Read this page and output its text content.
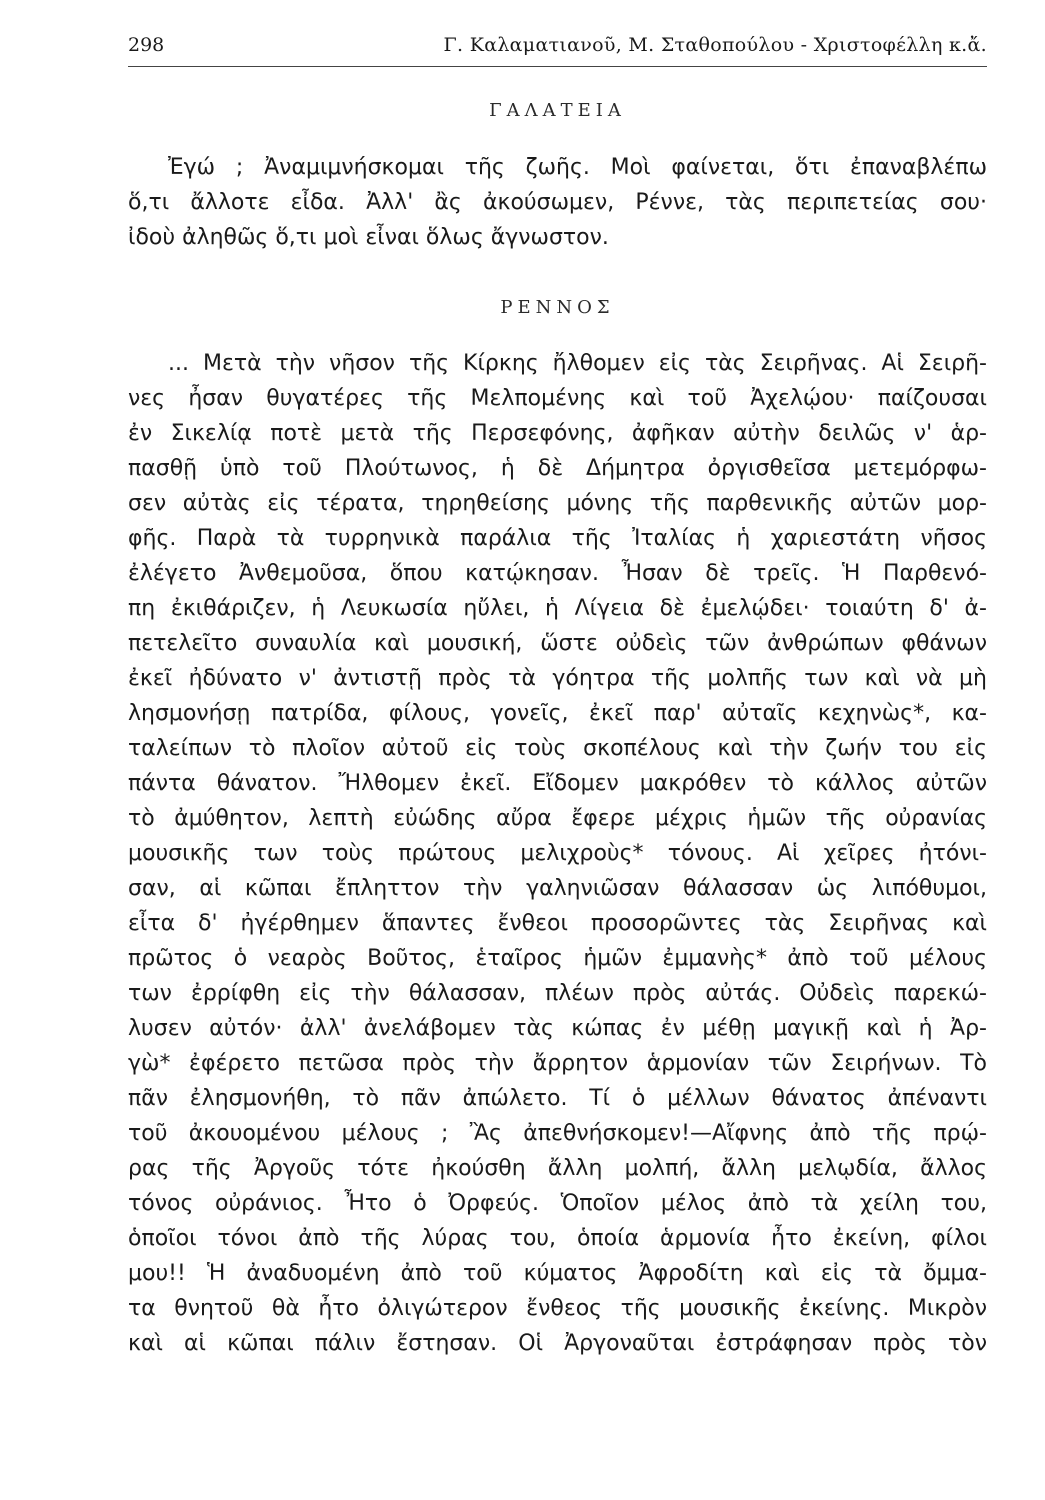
298	Γ. Καλαματιανοῦ, Μ. Σταθοπούλου - Χριστοφέλλη κ.ἄ.
ΓΑΛΑΤΕΙΑ
Ἐγώ ; Ἀναμιμνήσκομαι τῆς ζωῆς. Μοὶ φαίνεται, ὅτι ἐπαναβλέπω
ὅ,τι ἄλλοτε εἶδα. Ἀλλ' ἂς ἀκούσωμεν, Ρέννε, τὰς περιπετείας σου·
ἰδοὺ ἀληθῶς ὅ,τι μοὶ εἶναι ὅλως ἄγνωστον.
ΡΕΝΝΟΣ
... Μετὰ τὴν νῆσον τῆς Κίρκης ἤλθομεν εἰς τὰς Σειρῆνας. Αἱ Σειρῆ-
νες ἦσαν θυγατέρες τῆς Μελπομένης καὶ τοῦ Ἀχελῴου· παίζουσαι
ἐν Σικελίᾳ ποτὲ μετὰ τῆς Περσεφόνης, ἀφῆκαν αὐτὴν δειλῶς ν' ἁρ-
πασθῇ ὑπὸ τοῦ Πλούτωνος, ἡ δὲ Δήμητρα ὀργισθεῖσα μετεμόρφω-
σεν αὐτὰς εἰς τέρατα, τηρηθείσης μόνης τῆς παρθενικῆς αὐτῶν μορ-
φῆς. Παρὰ τὰ τυρρηνικὰ παράλια τῆς Ἰταλίας ἡ χαριεστάτη νῆσος
ἐλέγετο Ἀνθεμοῦσα, ὅπου κατῴκησαν. Ἦσαν δὲ τρεῖς. Ἡ Παρθενό-
πη ἐκιθάριζεν, ἡ Λευκωσία ηὔλει, ἡ Λίγεια δὲ ἐμελῴδει· τοιαύτη δ' ἀ-
πετελεῖτο συναυλία καὶ μουσική, ὥστε οὐδεὶς τῶν ἀνθρώπων φθάνων
ἐκεῖ ἠδύνατο ν' ἀντιστῇ πρὸς τὰ γόητρα τῆς μολπῆς των καὶ νὰ μὴ
λησμονήσῃ πατρίδα, φίλους, γονεῖς, ἐκεῖ παρ' αὐταῖς κεχηνὼς*, κα-
ταλείπων τὸ πλοῖον αὐτοῦ εἰς τοὺς σκοπέλους καὶ τὴν ζωήν του εἰς
πάντα θάνατον. Ἤλθομεν ἐκεῖ. Εἴδομεν μακρόθεν τὸ κάλλος αὐτῶν
τὸ ἀμύθητον, λεπτὴ εὐώδης αὔρα ἔφερε μέχρις ἡμῶν τῆς οὐρανίας
μουσικῆς των τοὺς πρώτους μελιχροὺς* τόνους. Αἱ χεῖρες ἠτόνι-
σαν, αἱ κῶπαι ἔπληττον τὴν γαληνιῶσαν θάλασσαν ὡς λιπόθυμοι,
εἶτα δ' ἠγέρθημεν ἅπαντες ἔνθεοι προσορῶντες τὰς Σειρῆνας καὶ
πρῶτος ὁ νεαρὸς Βοῦτος, ἑταῖρος ἡμῶν ἐμμανὴς* ἀπὸ τοῦ μέλους
των ἐρρίφθη εἰς τὴν θάλασσαν, πλέων πρὸς αὐτάς. Οὐδεὶς παρεκώ-
λυσεν αὐτόν· ἀλλ' ἀνελάβομεν τὰς κώπας ἐν μέθῃ μαγικῇ καὶ ἡ Ἀρ-
γὼ* ἐφέρετο πετῶσα πρὸς τὴν ἄρρητον ἁρμονίαν τῶν Σειρήνων. Τὸ
πᾶν ἐλησμονήθη, τὸ πᾶν ἀπώλετο. Τί ὁ μέλλων θάνατος ἀπέναντι
τοῦ ἀκουομένου μέλους ; Ἂς ἀπεθνήσκομεν!—Αἴφνης ἀπὸ τῆς πρῴ-
ρας τῆς Ἀργοῦς τότε ἠκούσθη ἄλλη μολπή, ἄλλη μελῳδία, ἄλλος
τόνος οὐράνιος. Ἦτο ὁ Ὀρφεύς. Ὁποῖον μέλος ἀπὸ τὰ χείλη του,
ὁποῖοι τόνοι ἀπὸ τῆς λύρας του, ὁποία ἁρμονία ἦτο ἐκείνη, φίλοι
μου!! Ἡ ἀναδυομένη ἀπὸ τοῦ κύματος Ἀφροδίτη καὶ εἰς τὰ ὄμμα-
τα θνητοῦ θὰ ἦτο ὀλιγώτερον ἔνθεος τῆς μουσικῆς ἐκείνης. Μικρὸν
καὶ αἱ κῶπαι πάλιν ἔστησαν. Οἱ Ἀργοναῦται ἐστράφησαν πρὸς τὸν
